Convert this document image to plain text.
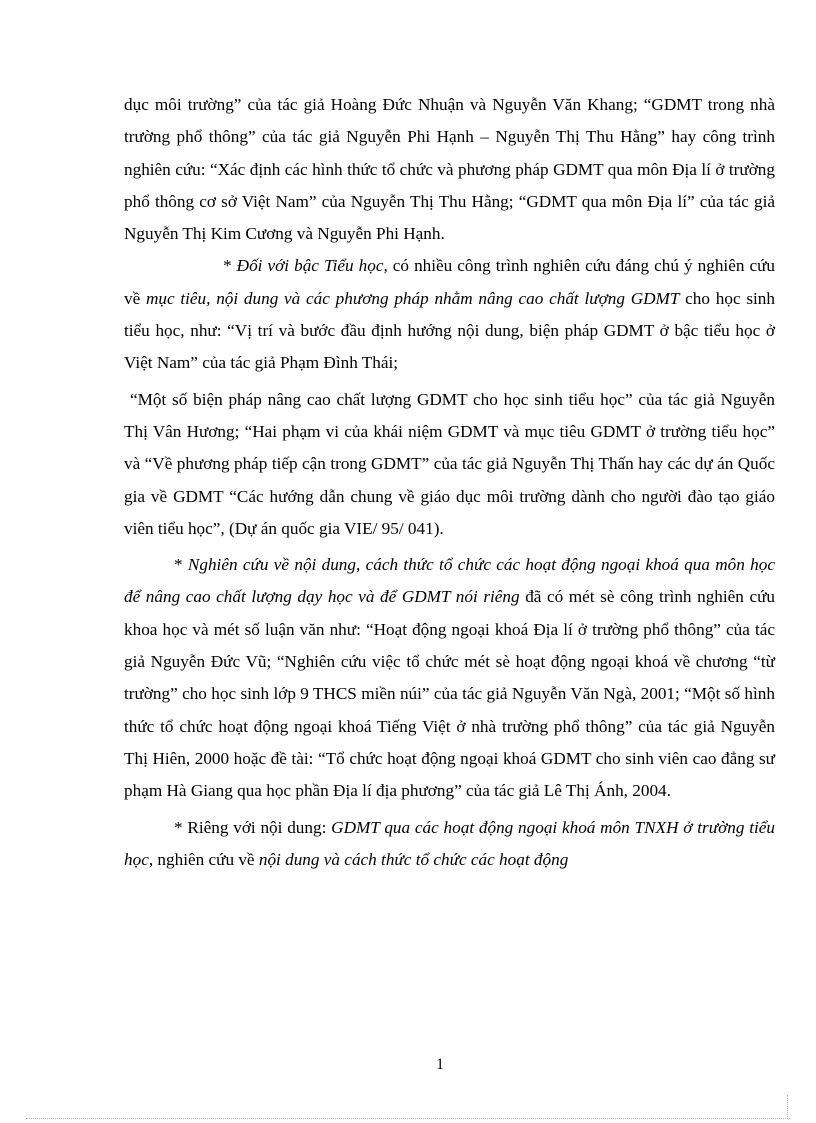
dục môi trường” của tác giả Hoàng Đức Nhuận và Nguyễn Văn Khang; “GDMT trong nhà trường phổ thông” của tác giả Nguyễn Phi Hạnh – Nguyễn Thị Thu Hằng” hay công trình nghiên cứu: “Xác định các hình thức tổ chức và phương pháp GDMT qua môn Địa lí ở trường phổ thông cơ sở Việt Nam” của Nguyễn Thị Thu Hằng; “GDMT qua môn Địa lí” của tác giả Nguyễn Thị Kim Cương và Nguyễn Phi Hạnh.

* Đối với bậc Tiểu học, có nhiều công trình nghiên cứu đáng chú ý nghiên cứu về mục tiêu, nội dung và các phương pháp nhằm nâng cao chất lượng GDMT cho học sinh tiểu học, như: “Vị trí và bước đầu định hướng nội dung, biện pháp GDMT ở bậc tiểu học ở Việt Nam” của tác giả Phạm Đình Thái;

“Một số biện pháp nâng cao chất lượng GDMT cho học sinh tiểu học” của tác giả Nguyễn Thị Vân Hương; “Hai phạm vi của khái niệm GDMT và mục tiêu GDMT ở trường tiểu học” và “Về phương pháp tiếp cận trong GDMT” của tác giả Nguyễn Thị Thấn hay các dự án Quốc gia về GDMT “Các hướng dẫn chung về giáo dục môi trường dành cho người đào tạo giáo viên tiểu học”, (Dự án quốc gia VIE/ 95/ 041).

* Nghiên cứu về nội dung, cách thức tổ chức các hoạt động ngoại khoá qua môn học để nâng cao chất lượng dạy học và để GDMT nói riêng đã có mét sè công trình nghiên cứu khoa học và mét số luận văn như: “Hoạt động ngoại khoá Địa lí ở trường phổ thông” của tác giả Nguyễn Đức Vũ; “Nghiên cứu việc tổ chức mét sè hoạt động ngoại khoá về chương “từ trường” cho học sinh lớp 9 THCS miền núi” của tác giả Nguyễn Văn Ngà, 2001; “Một số hình thức tổ chức hoạt động ngoại khoá Tiếng Việt ở nhà trường phổ thông” của tác giả Nguyễn Thị Hiên, 2000 hoặc đề tài: “Tổ chức hoạt động ngoại khoá GDMT cho sinh viên cao đẳng sư phạm Hà Giang qua học phần Địa lí địa phương” của tác giả Lê Thị Ánh, 2004.

* Riêng với nội dung: GDMT qua các hoạt động ngoại khoá môn TNXH ở trường tiểu học, nghiên cứu về nội dung và cách thức tổ chức các hoạt động

1
